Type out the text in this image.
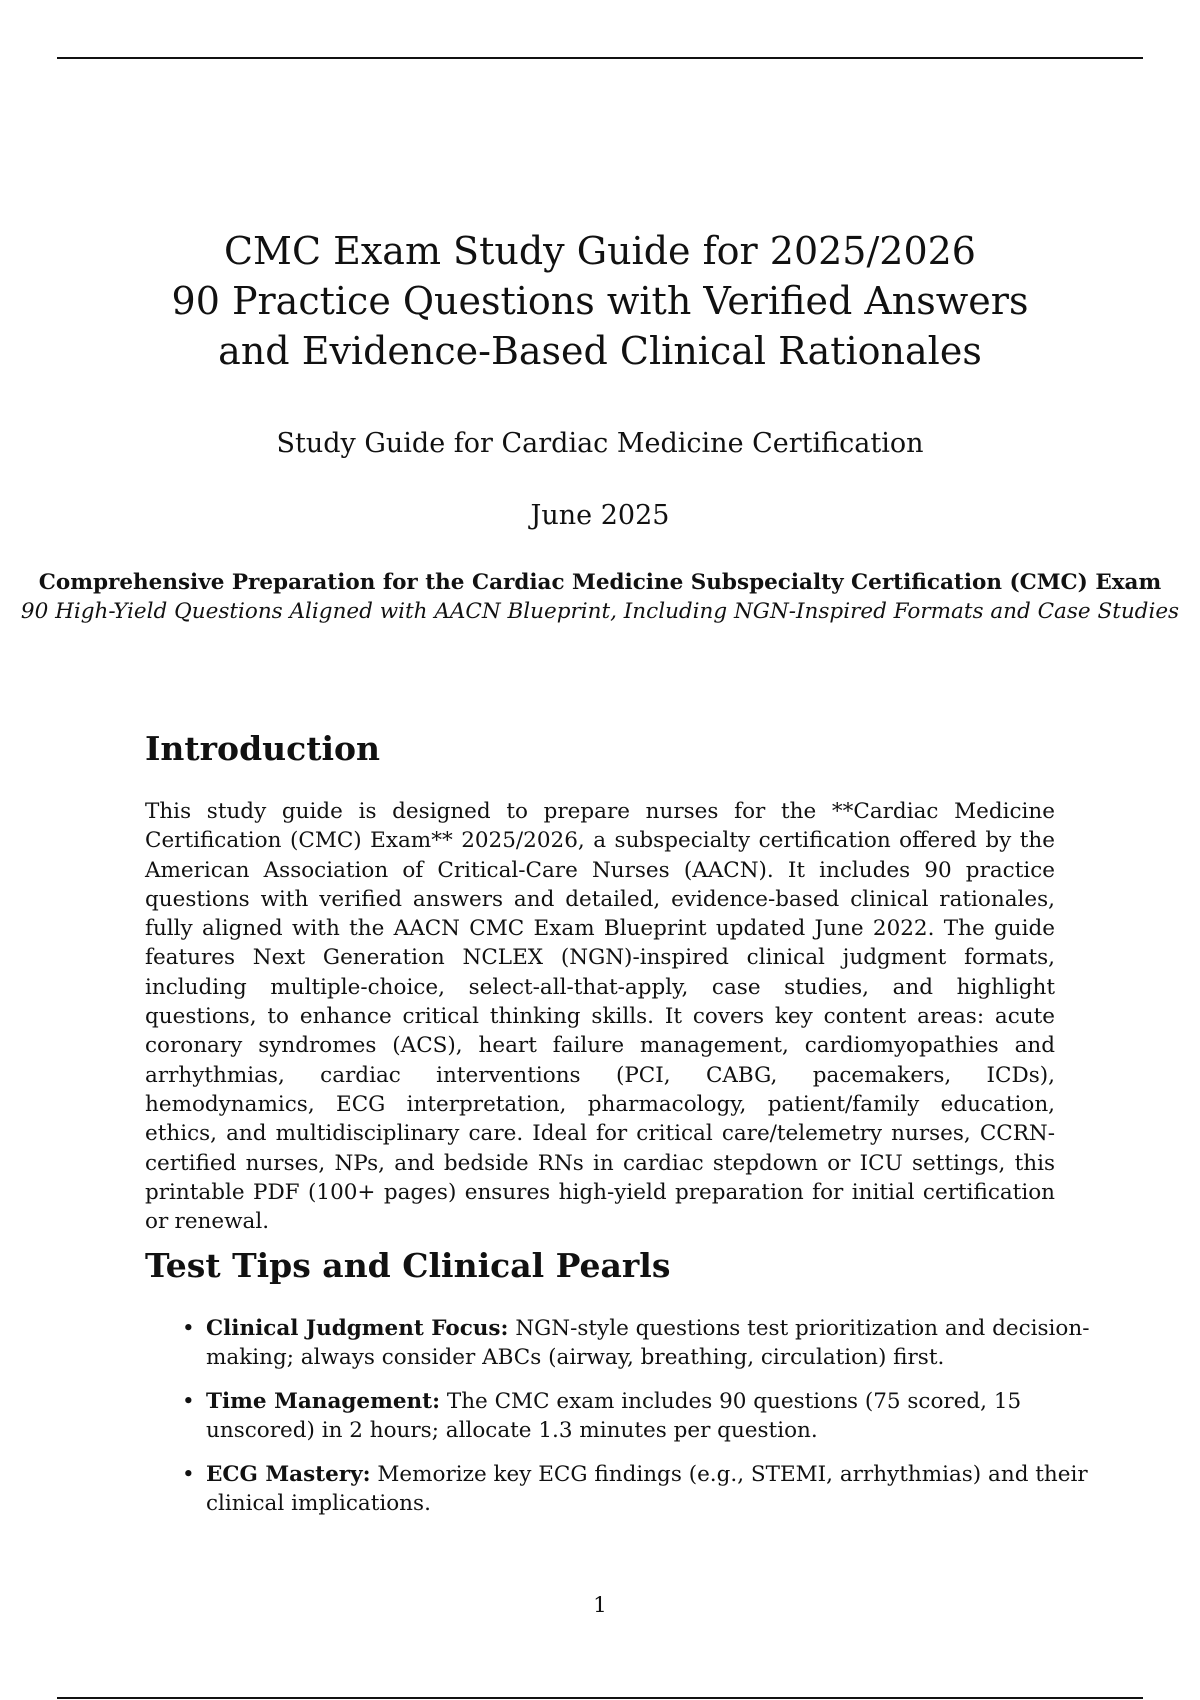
CMC Exam Study Guide for 2025/2026
90 Practice Questions with Verified Answers
and Evidence-Based Clinical Rationales
Study Guide for Cardiac Medicine Certification
June 2025
Comprehensive Preparation for the Cardiac Medicine Subspecialty Certification (CMC) Exam
90 High-Yield Questions Aligned with AACN Blueprint, Including NGN-Inspired Formats and Case Studies
Introduction
This study guide is designed to prepare nurses for the **Cardiac Medicine Certification (CMC) Exam** 2025/2026, a subspecialty certification offered by the American Association of Critical-Care Nurses (AACN). It includes 90 practice questions with verified answers and detailed, evidence-based clinical rationales, fully aligned with the AACN CMC Exam Blueprint updated June 2022. The guide features Next Generation NCLEX (NGN)-inspired clinical judgment formats, including multiple-choice, select-all-that-apply, case studies, and highlight questions, to enhance critical thinking skills. It covers key content areas: acute coronary syndromes (ACS), heart failure management, cardiomyopathies and arrhythmias, cardiac interventions (PCI, CABG, pacemakers, ICDs), hemodynamics, ECG interpretation, pharmacology, patient/family education, ethics, and multidisciplinary care. Ideal for critical care/telemetry nurses, CCRN-certified nurses, NPs, and bedside RNs in cardiac stepdown or ICU settings, this printable PDF (100+ pages) ensures high-yield preparation for initial certification or renewal.
Test Tips and Clinical Pearls
• Clinical Judgment Focus: NGN-style questions test prioritization and decision-making; always consider ABCs (airway, breathing, circulation) first.
• Time Management: The CMC exam includes 90 questions (75 scored, 15 unscored) in 2 hours; allocate 1.3 minutes per question.
• ECG Mastery: Memorize key ECG findings (e.g., STEMI, arrhythmias) and their clinical implications.
1
